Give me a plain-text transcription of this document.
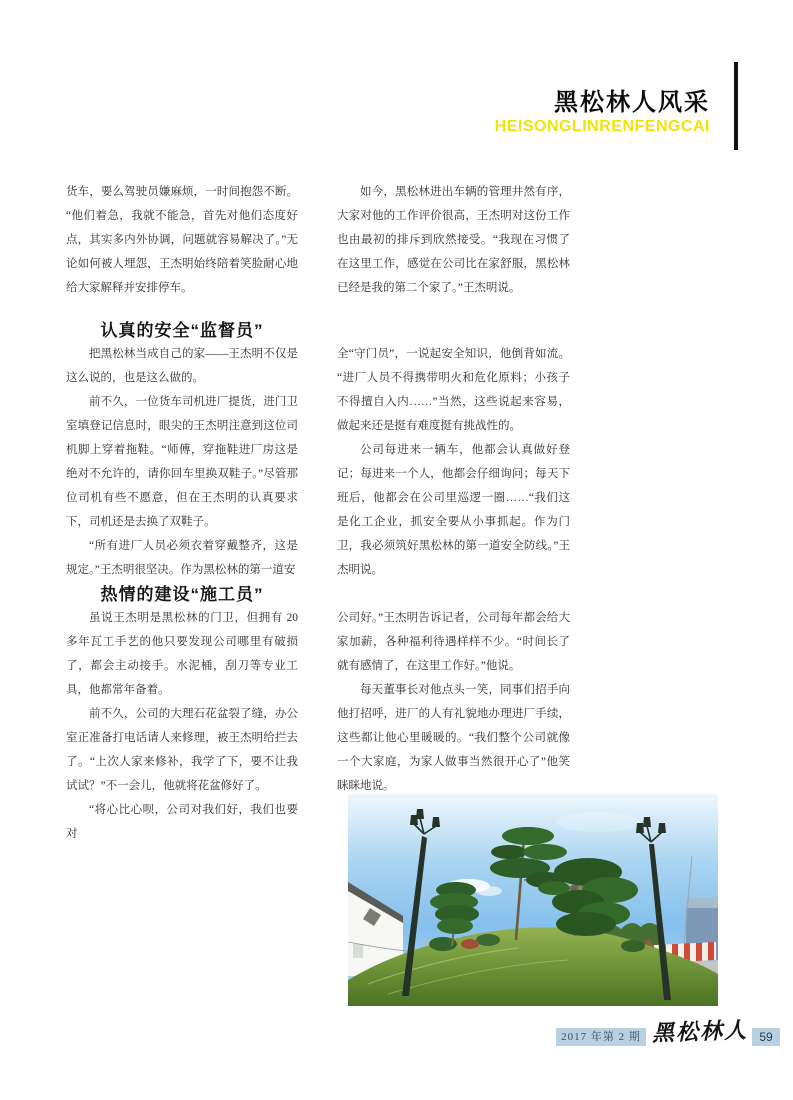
黑松林人风采
HEISONGLINRENFENGCAI

货车，要么驾驶员嫌麻烦，一时间抱怨不断。“他们着急，我就不能急，首先对他们态度好点，其实多内外协调，问题就容易解决了。”无论如何被人埋怨，王杰明始终陪着笑脸耐心地给大家解释并安排停车。

认真的安全“监督员”

把黑松林当成自己的家——王杰明不仅是这么说的，也是这么做的。

前不久，一位货车司机进厂提货，进门卫室填登记信息时，眼尖的王杰明注意到这位司机脚上穿着拖鞋。“师傅，穿拖鞋进厂房这是绝对不允许的，请你回车里换双鞋子。”尽管那位司机有些不愿意，但在王杰明的认真要求下，司机还是去换了双鞋子。

“所有进厂人员必须衣着穿戴整齐，这是规定。”王杰明很坚决。作为黑松林的第一道安

热情的建设“施工员”

虽说王杰明是黑松林的门卫，但拥有 20 多年瓦工手艺的他只要发现公司哪里有破损了，都会主动接手。水泥桶，刮刀等专业工具，他都常年备着。

前不久，公司的大理石花盆裂了缝，办公室正准备打电话请人来修理，被王杰明给拦去了。“上次人家来修补，我学了下，要不让我试试？”不一会儿，他就将花盆修好了。

“将心比心呗，公司对我们好，我们也要对

如今，黑松林进出车辆的管理井然有序，大家对他的工作评价很高，王杰明对这份工作也由最初的排斥到欣然接受。“我现在习惯了在这里工作，感觉在公司比在家舒服，黑松林已经是我的第二个家了。”王杰明说。

全“守门员”，一说起安全知识，他倒背如流。“进厂人员不得携带明火和危化原料；小孩子不得擅自入内……”当然，这些说起来容易，做起来还是挺有难度挺有挑战性的。

公司每进来一辆车，他都会认真做好登记；每进来一个人，他都会仔细询问；每天下班后，他都会在公司里巡逻一圈……“我们这是化工企业，抓安全要从小事抓起。作为门卫，我必须筑好黑松林的第一道安全防线。”王杰明说。

公司好。”王杰明告诉记者，公司每年都会给大家加薪，各种福利待遇样样不少。“时间长了就有感情了，在这里工作好。”他说。

每天董事长对他点头一笑，同事们招手向他打招呼，进厂的人有礼貌地办理进厂手续，这些都让他心里暖暖的。“我们整个公司就像一个大家庭，为家人做事当然很开心了”他笑眯眯地说。

2017 年第 2 期 黑松林人 59
